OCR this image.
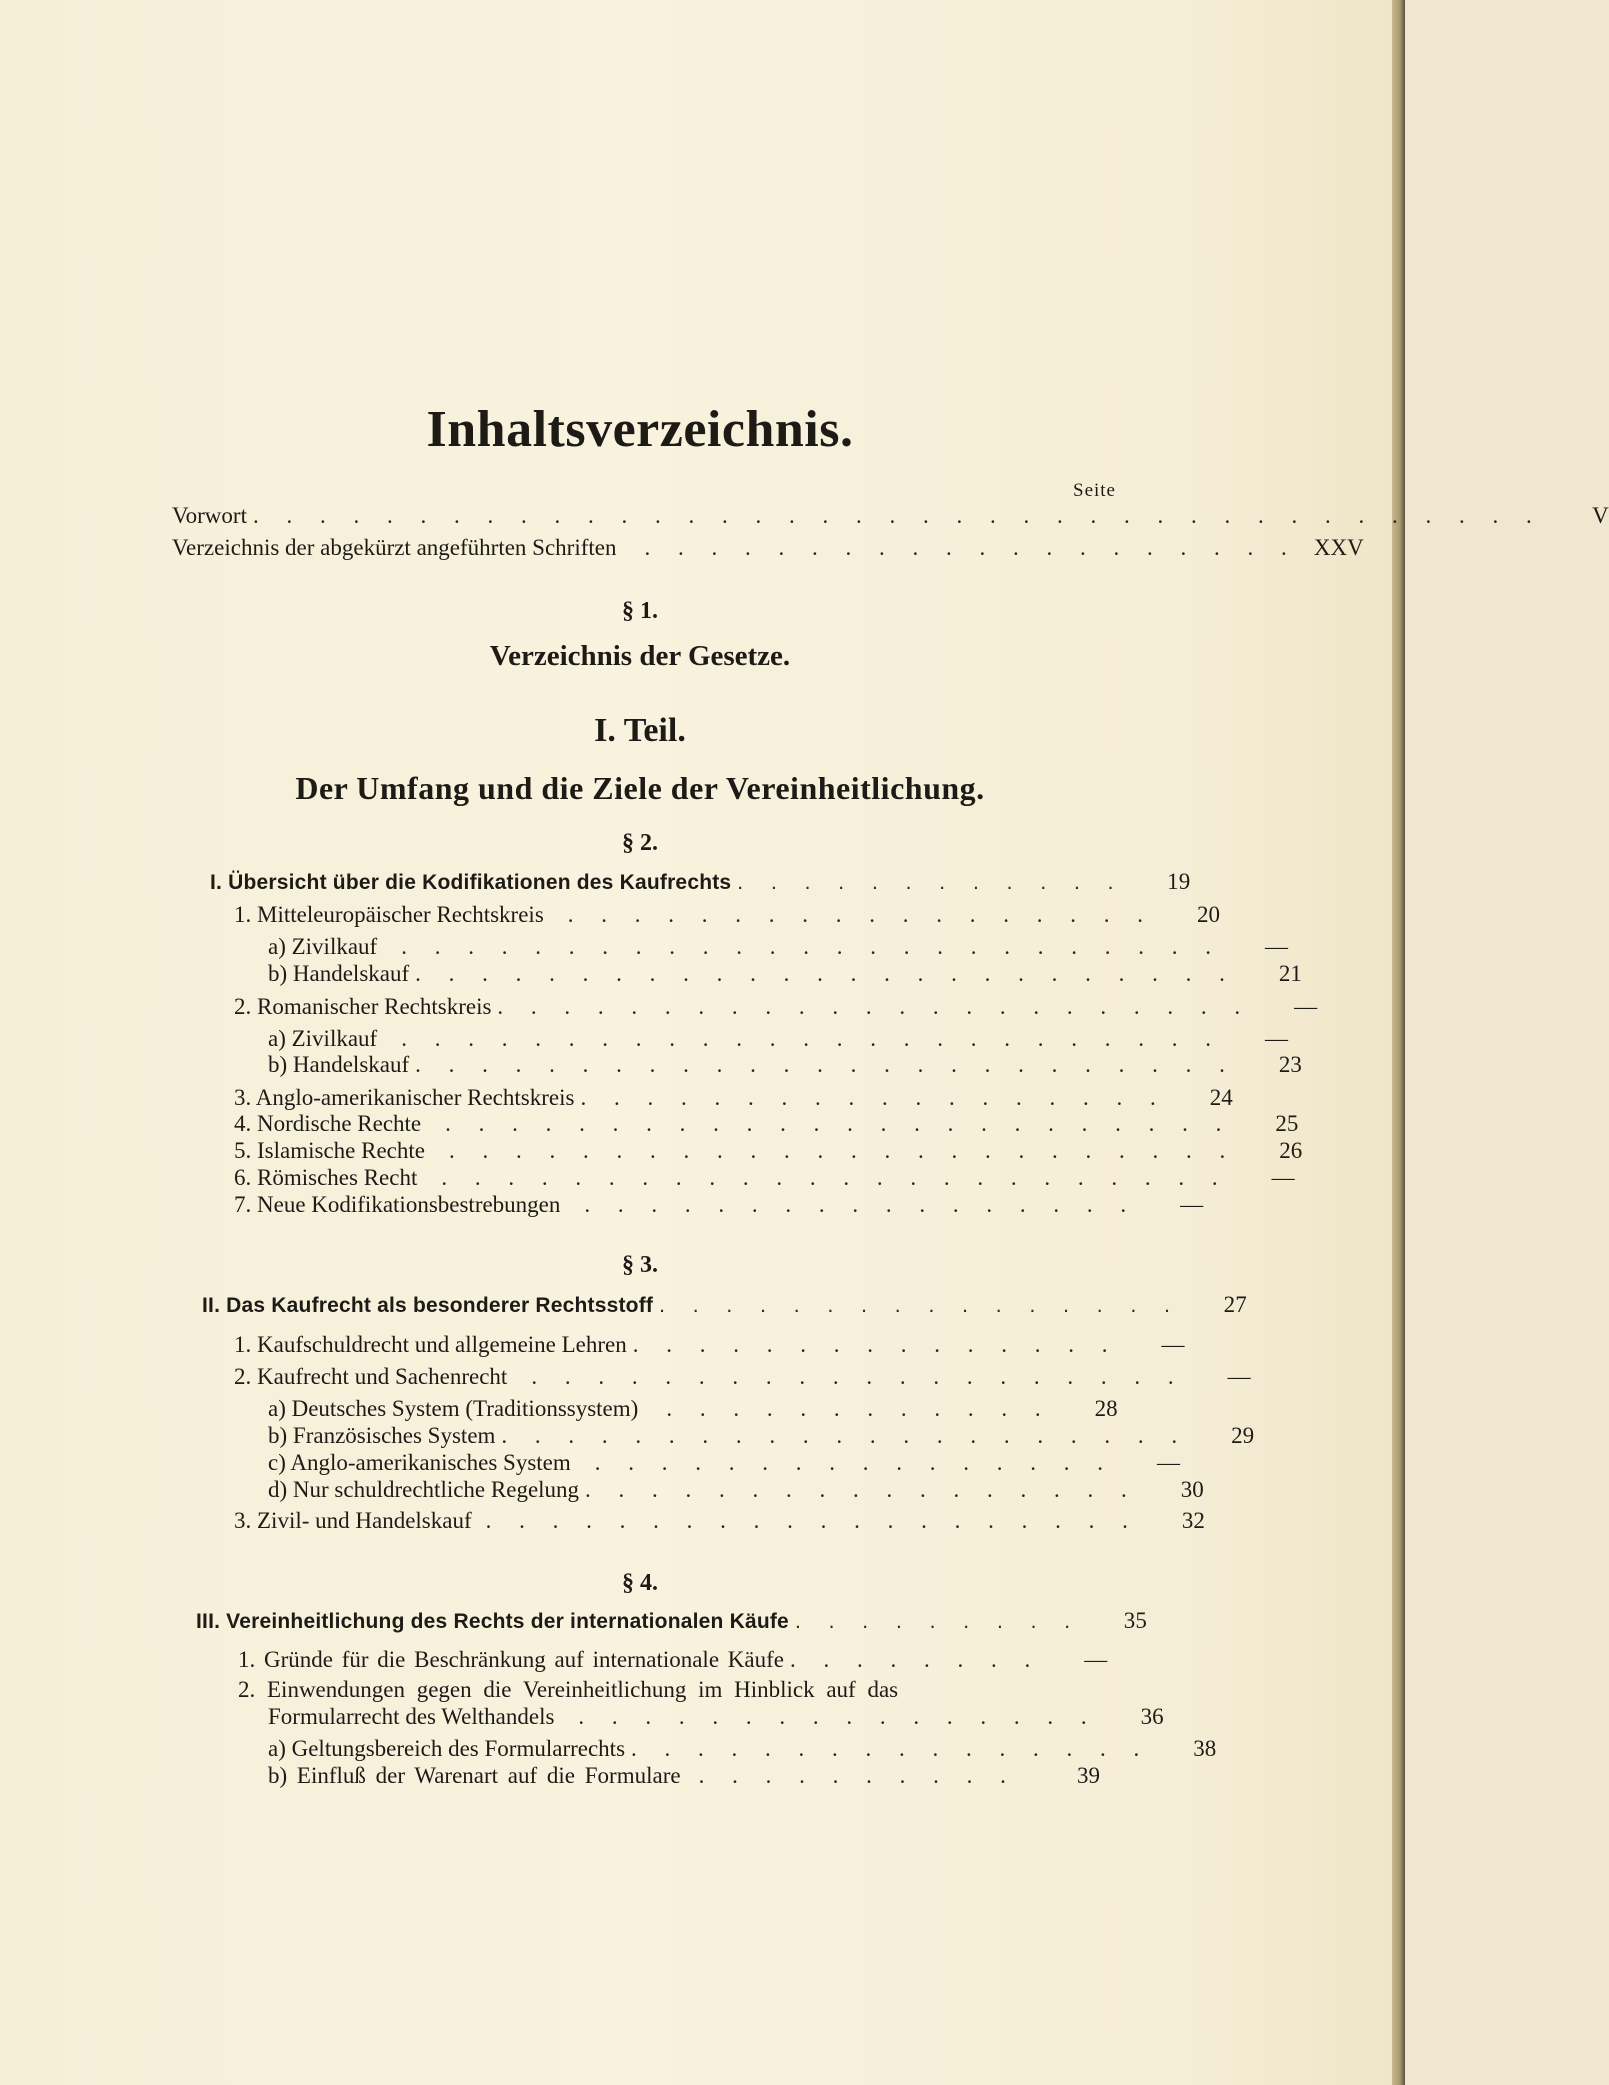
Inhaltsverzeichnis.
Seite
Vorwort . . . . . . . . . . . . . . . . . . . . . . . . . . . . . . . . . . . . . . .	V
Verzeichnis der abgekürzt angeführten Schriften	. . . . . . . . . . . . . . . . . . . . XXV
§ 1.
Verzeichnis der Gesetze.
I. Teil.
Der Umfang und die Ziele der Vereinheitlichung.
§ 2.
I. Übersicht über die Kodifikationen des Kaufrechts . . . . . . . . . . . .	19
1. Mitteleuropäischer Rechtskreis	. . . . . . . . . . . . . . . . . .	20
a) Zivilkauf	. . . . . . . . . . . . . . . . . . . . . . . . .	—
b) Handelskauf . . . . . . . . . . . . . . . . . . . . . . . . .	21
2. Romanischer Rechtskreis . . . . . . . . . . . . . . . . . . . . . . .	—
a) Zivilkauf	. . . . . . . . . . . . . . . . . . . . . . . . .	—
b) Handelskauf . . . . . . . . . . . . . . . . . . . . . . . . .	23
3. Anglo-amerikanischer Rechtskreis . . . . . . . . . . . . . . . . . .	24
4. Nordische Rechte	. . . . . . . . . . . . . . . . . . . . . . . .	25
5. Islamische Rechte	. . . . . . . . . . . . . . . . . . . . . . . .	26
6. Römisches Recht	. . . . . . . . . . . . . . . . . . . . . . . .	—
7. Neue Kodifikationsbestrebungen	. . . . . . . . . . . . . . . . .	—
§ 3.
II. Das Kaufrecht als besonderer Rechtsstoff . . . . . . . . . . . . . . . .	27
1. Kaufschuldrecht und allgemeine Lehren . . . . . . . . . . . . . . .	—
2. Kaufrecht und Sachenrecht	. . . . . . . . . . . . . . . . . . . .	—
a) Deutsches System (Traditionssystem)	. . . . . . . . . . . .	28
b) Französisches System . . . . . . . . . . . . . . . . . . . . .	29
c) Anglo-amerikanisches System	. . . . . . . . . . . . . . . .	—
d) Nur schuldrechtliche Regelung . . . . . . . . . . . . . . . . .	30
3. Zivil- und Handelskauf . . . . . . . . . . . . . . . . . . . .	32
§ 4.
III. Vereinheitlichung des Rechts der internationalen Käufe . . . . . . . . .	35
1. Gründe für die Beschränkung auf internationale Käufe . . . . . . . .	—
2. Einwendungen gegen die Vereinheitlichung im Hinblick auf das
Formularrecht des Welthandels	. . . . . . . . . . . . . . . .	36
a) Geltungsbereich des Formularrechts . . . . . . . . . . . . . . . .	38
b) Einfluß der Warenart auf die Formulare . . . . . . . . . .	39
